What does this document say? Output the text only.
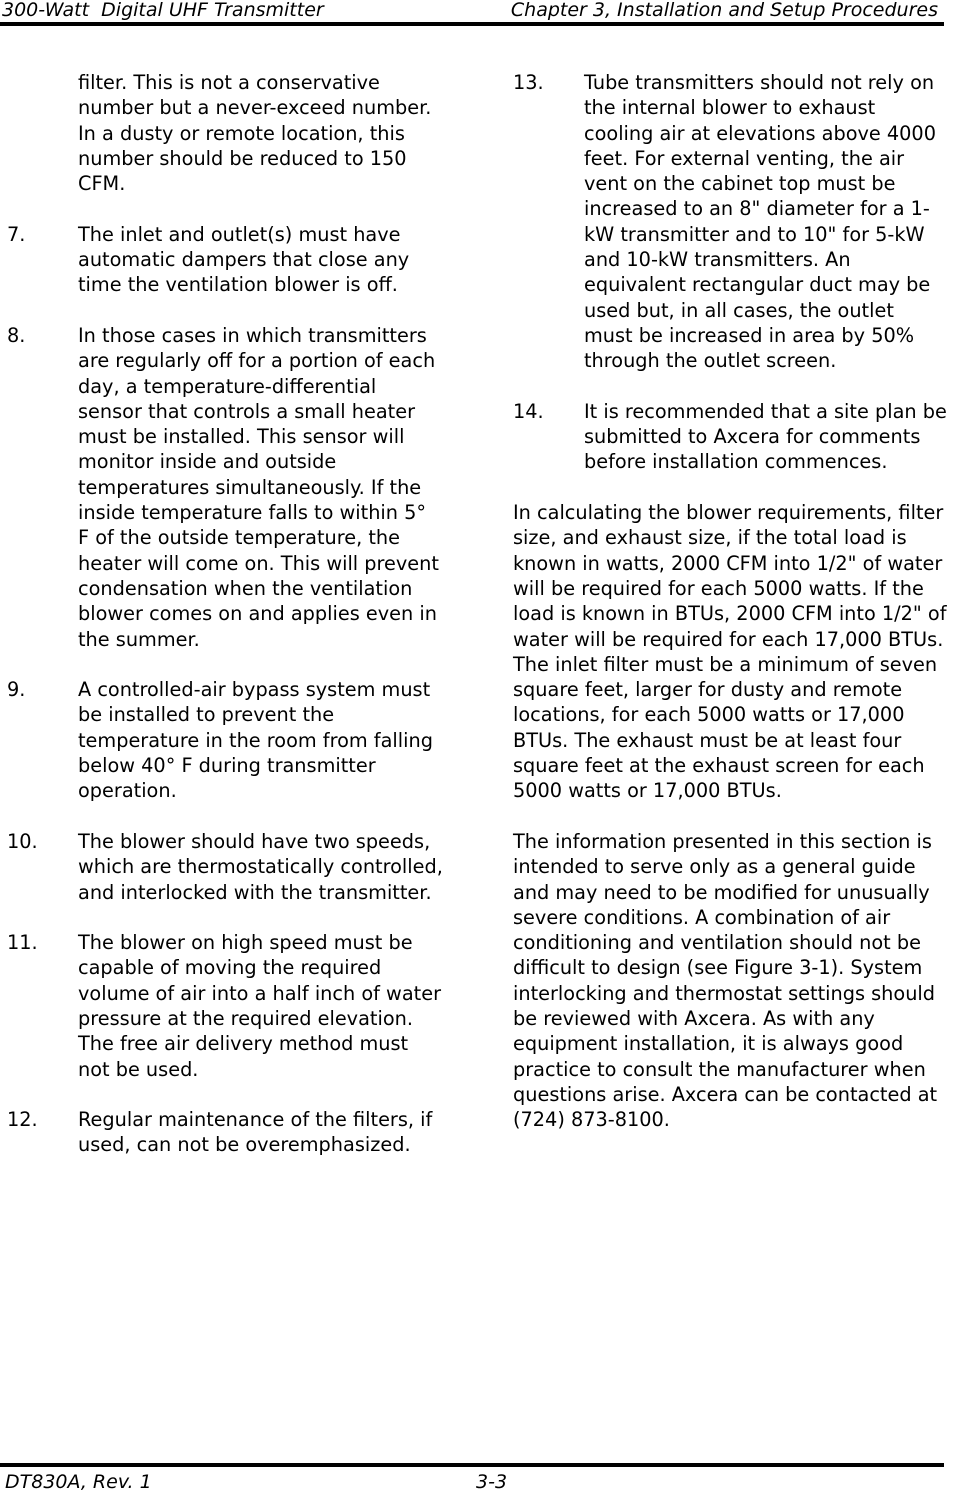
300-Watt  Digital UHF Transmitter	Chapter 3, Installation and Setup Procedures
filter. This is not a conservative number but a never-exceed number. In a dusty or remote location, this number should be reduced to 150 CFM.
7.	The inlet and outlet(s) must have automatic dampers that close any time the ventilation blower is off.
8.	In those cases in which transmitters are regularly off for a portion of each day, a temperature-differential sensor that controls a small heater must be installed. This sensor will monitor inside and outside temperatures simultaneously. If the inside temperature falls to within 5° F of the outside temperature, the heater will come on. This will prevent condensation when the ventilation blower comes on and applies even in the summer.
9.	A controlled-air bypass system must be installed to prevent the temperature in the room from falling below 40° F during transmitter operation.
10.	The blower should have two speeds, which are thermostatically controlled, and interlocked with the transmitter.
11.	The blower on high speed must be capable of moving the required volume of air into a half inch of water pressure at the required elevation. The free air delivery method must not be used.
12.	Regular maintenance of the filters, if used, can not be overemphasized.
13.	Tube transmitters should not rely on the internal blower to exhaust cooling air at elevations above 4000 feet. For external venting, the air vent on the cabinet top must be increased to an 8" diameter for a 1-kW transmitter and to 10" for 5-kW and 10-kW transmitters. An equivalent rectangular duct may be used but, in all cases, the outlet must be increased in area by 50% through the outlet screen.
14.	It is recommended that a site plan be submitted to Axcera for comments before installation commences.
In calculating the blower requirements, filter size, and exhaust size, if the total load is known in watts, 2000 CFM into 1/2" of water will be required for each 5000 watts. If the load is known in BTUs, 2000 CFM into 1/2" of water will be required for each 17,000 BTUs. The inlet filter must be a minimum of seven square feet, larger for dusty and remote locations, for each 5000 watts or 17,000 BTUs. The exhaust must be at least four square feet at the exhaust screen for each 5000 watts or 17,000 BTUs.
The information presented in this section is intended to serve only as a general guide and may need to be modified for unusually severe conditions. A combination of air conditioning and ventilation should not be difficult to design (see Figure 3-1). System interlocking and thermostat settings should be reviewed with Axcera. As with any equipment installation, it is always good practice to consult the manufacturer when questions arise. Axcera can be contacted at (724) 873-8100.
DT830A, Rev. 1	3-3
